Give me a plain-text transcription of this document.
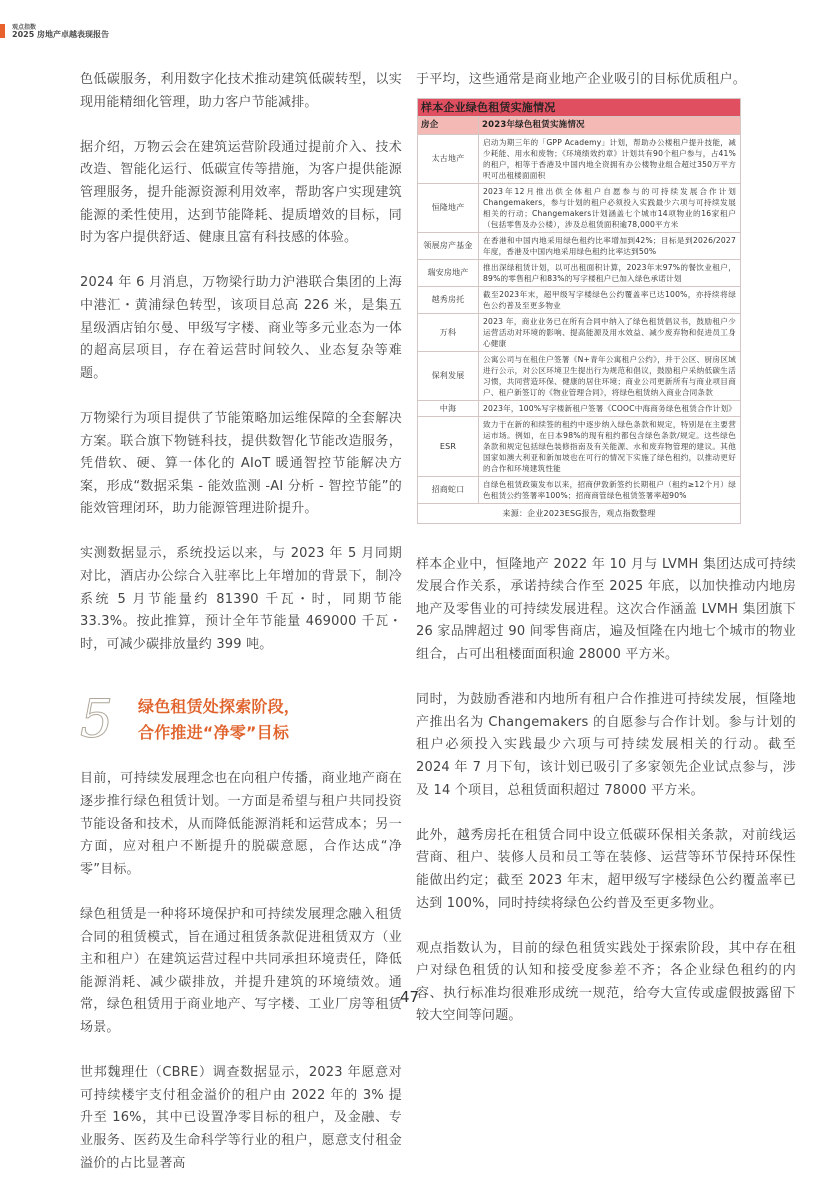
观点指数
2025 房地产卓越表现报告

色低碳服务，利用数字化技术推动建筑低碳转型，以实现用能精细化管理，助力客户节能减排。

据介绍，万物云会在建筑运营阶段通过提前介入、技术改造、智能化运行、低碳宣传等措施，为客户提供能源管理服务，提升能源资源利用效率，帮助客户实现建筑能源的柔性使用，达到节能降耗、提质增效的目标，同时为客户提供舒适、健康且富有科技感的体验。

2024 年 6 月消息，万物梁行助力沪港联合集团的上海中港汇・黄浦绿色转型，该项目总高 226 米，是集五星级酒店铂尔曼、甲级写字楼、商业等多元业态为一体的超高层项目，存在着运营时间较久、业态复杂等难题。

万物梁行为项目提供了节能策略加运维保障的全套解决方案。联合旗下物链科技，提供数智化节能改造服务，凭借软、硬、算一体化的 AIoT 暖通智控节能解决方案，形成“数据采集 - 能效监测 -AI 分析 - 智控节能”的能效管理闭环，助力能源管理进阶提升。

实测数据显示，系统投运以来，与 2023 年 5 月同期对比，酒店办公综合入驻率比上年增加的背景下，制冷系统 5 月节能量约 81390 千瓦・时，同期节能 33.3%。按此推算，预计全年节能量 469000 千瓦・时，可减少碳排放量约 399 吨。

5	绿色租赁处探索阶段，
合作推进“净零”目标

目前，可持续发展理念也在向租户传播，商业地产商在逐步推行绿色租赁计划。一方面是希望与租户共同投资节能设备和技术，从而降低能源消耗和运营成本；另一方面，应对租户不断提升的脱碳意愿，合作达成“净零”目标。

绿色租赁是一种将环境保护和可持续发展理念融入租赁合同的租赁模式，旨在通过租赁条款促进租赁双方（业主和租户）在建筑运营过程中共同承担环境责任，降低能源消耗、减少碳排放，并提升建筑的环境绩效。通常，绿色租赁用于商业地产、写字楼、工业厂房等租赁场景。

世邦魏理仕（CBRE）调查数据显示，2023 年愿意对可持续楼宇支付租金溢价的租户由 2022 年的 3% 提升至 16%，其中已设置净零目标的租户，及金融、专业服务、医药及生命科学等行业的租户，愿意支付租金溢价的占比显著高

于平均，这些通常是商业地产企业吸引的目标优质租户。

样本企业绿色租赁实施情况	
房企	2023年绿色租赁实施情况
太古地产	启动为期三年的「GPP Academy」计划，帮助办公楼租户提升技能，减少耗能、用水和废物；《环境绩效约章》计划共有90个租户参与，占41%的租户，相等于香港及中国内地全资拥有办公楼物业组合超过350万平方呎可出租楼面面积
恒隆地产	2023年12月推出供全体租户自愿参与的可持续发展合作计划Changemakers，参与计划的租户必须投入实践最少六项与可持续发展相关的行动；Changemakers计划涵盖七个城市14项物业的16家租户（包括零售及办公楼），涉及总租赁面积逾78,000平方米
领展房产基金	在香港和中国内地采用绿色租约比率增加到42%；目标是到2026/2027年度，香港及中国内地采用绿色租约比率达到50%
瑞安房地产	推出深绿租赁计划，以可出租面积计算，2023年末97%的餐饮业租户，89%的零售租户和83%的写字楼租户已加入绿色承诺计划
越秀房托	截至2023年末，超甲级写字楼绿色公约覆盖率已达100%，亦持续将绿色公约普及至更多物业
万科	2023 年，商业业务已在所有合同中纳入了绿色租赁倡议书，鼓励租户少运营活动对环境的影响、提高能源及用水效益、减少废弃物和促进员工身心健康
保利发展	公寓公司与在租住户签署《N+青年公寓租户公约》，并于公区、厨房区域进行公示，对公区环境卫生提出行为规范和倡议，鼓励租户采纳低碳生活习惯，共同营造环保、健康的居住环境；商业公司更新所有与商业项目商户、租户新签订的《物业管理合同》，将绿色租赁纳入商业合同条款
中海	2023年，100%写字楼新租户签署《COOC中海商务绿色租赁合作计划》
ESR	致力于在新的和续签的租约中逐步纳入绿色条款和规定，特别是在主要营运市场。例如，在日本98%的现有租约都包含绿色条款/规定。这些绿色条款和规定包括绿色装修指南及有关能源、水和废弃物管理的建议。其他国家如澳大利亚和新加坡也在可行的情况下实施了绿色租约，以推动更好的合作和环境建筑性能
招商蛇口	自绿色租赁政策发布以来，招商伊敦新签约长期租户（租约≥12个月）绿色租赁公约签署率100%；招商商管绿色租赁签署率超90%
来源：企业2023ESG报告，观点指数整理	

样本企业中，恒隆地产 2022 年 10 月与 LVMH 集团达成可持续发展合作关系，承诺持续合作至 2025 年底，以加快推动内地房地产及零售业的可持续发展进程。这次合作涵盖 LVMH 集团旗下 26 家品牌超过 90 间零售商店，遍及恒隆在内地七个城市的物业组合，占可出租楼面面积逾 28000 平方米。

同时，为鼓励香港和内地所有租户合作推进可持续发展，恒隆地产推出名为 Changemakers 的自愿参与合作计划。参与计划的租户必须投入实践最少六项与可持续发展相关的行动。截至 2024 年 7 月下旬，该计划已吸引了多家领先企业试点参与，涉及 14 个项目，总租赁面积超过 78000 平方米。

此外，越秀房托在租赁合同中设立低碳环保相关条款，对前线运营商、租户、装修人员和员工等在装修、运营等环节保持环保性能做出约定；截至 2023 年末，超甲级写字楼绿色公约覆盖率已达到 100%，同时持续将绿色公约普及至更多物业。

观点指数认为，目前的绿色租赁实践处于探索阶段，其中存在租户对绿色租赁的认知和接受度参差不齐；各企业绿色租约的内容、执行标准均很难形成统一规范，给夸大宣传或虚假披露留下较大空间等问题。

47
